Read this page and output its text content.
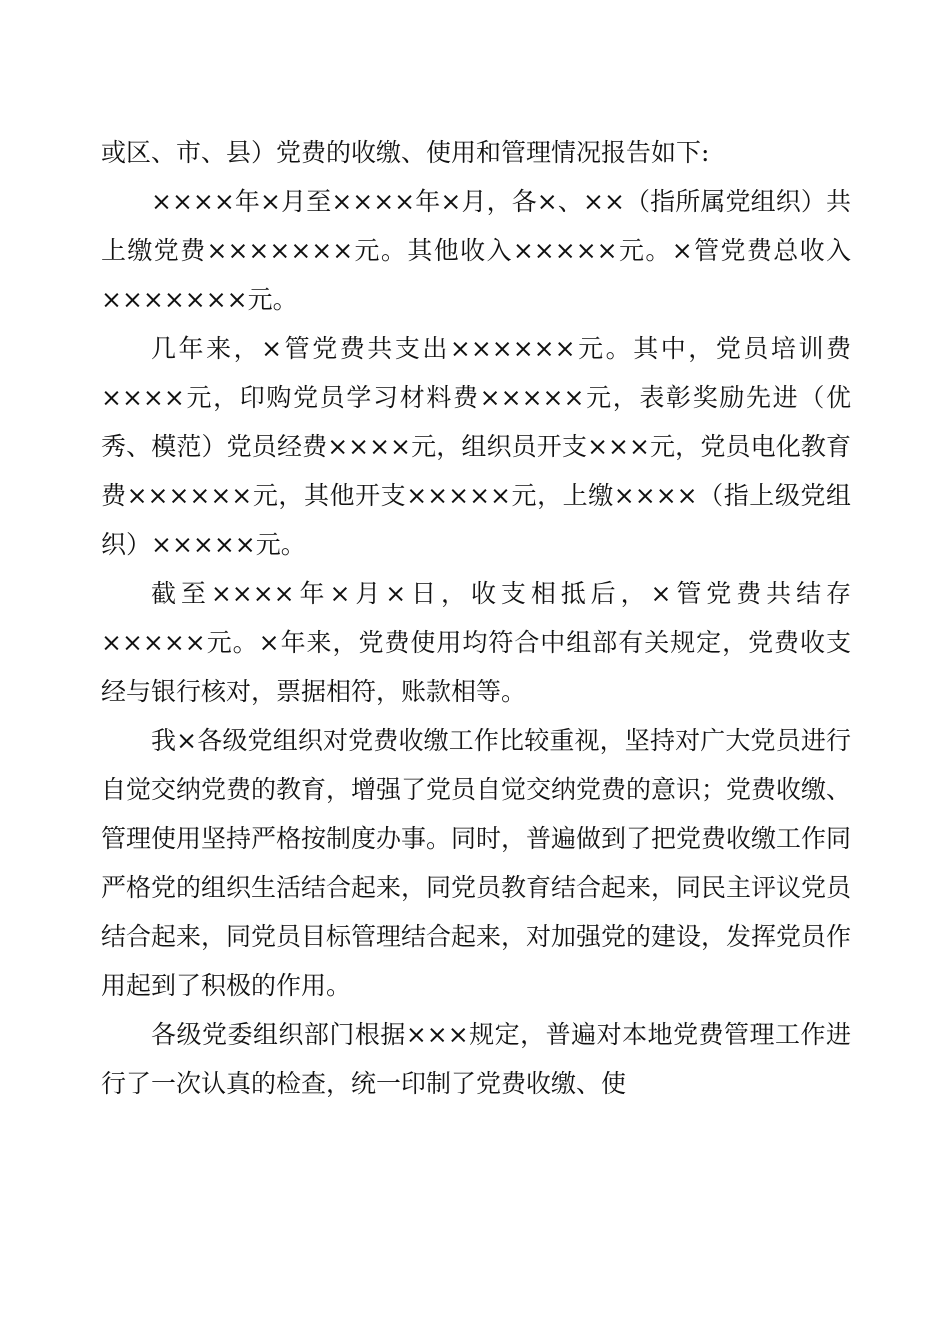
或区、市、县）党费的收缴、使用和管理情况报告如下:

××××年×月至××××年×月，各×、××（指所属党组织）共上缴党费×××××××元。其他收入×××××元。×管党费总收入×××××××元。

几年来，×管党费共支出××××××元。其中，党员培训费××××元，印购党员学习材料费×××××元，表彰奖励先进（优秀、模范）党员经费××××元，组织员开支×××元，党员电化教育费××××××元，其他开支×××××元，上缴××××（指上级党组织）×××××元。

截至××××年×月×日，收支相抵后，×管党费共结存×××××元。×年来，党费使用均符合中组部有关规定，党费收支经与银行核对，票据相符，账款相等。

我×各级党组织对党费收缴工作比较重视，坚持对广大党员进行自觉交纳党费的教育，增强了党员自觉交纳党费的意识；党费收缴、管理使用坚持严格按制度办事。同时，普遍做到了把党费收缴工作同严格党的组织生活结合起来，同党员教育结合起来，同民主评议党员结合起来，同党员目标管理结合起来，对加强党的建设，发挥党员作用起到了积极的作用。

各级党委组织部门根据×××规定，普遍对本地党费管理工作进行了一次认真的检查，统一印制了党费收缴、使
